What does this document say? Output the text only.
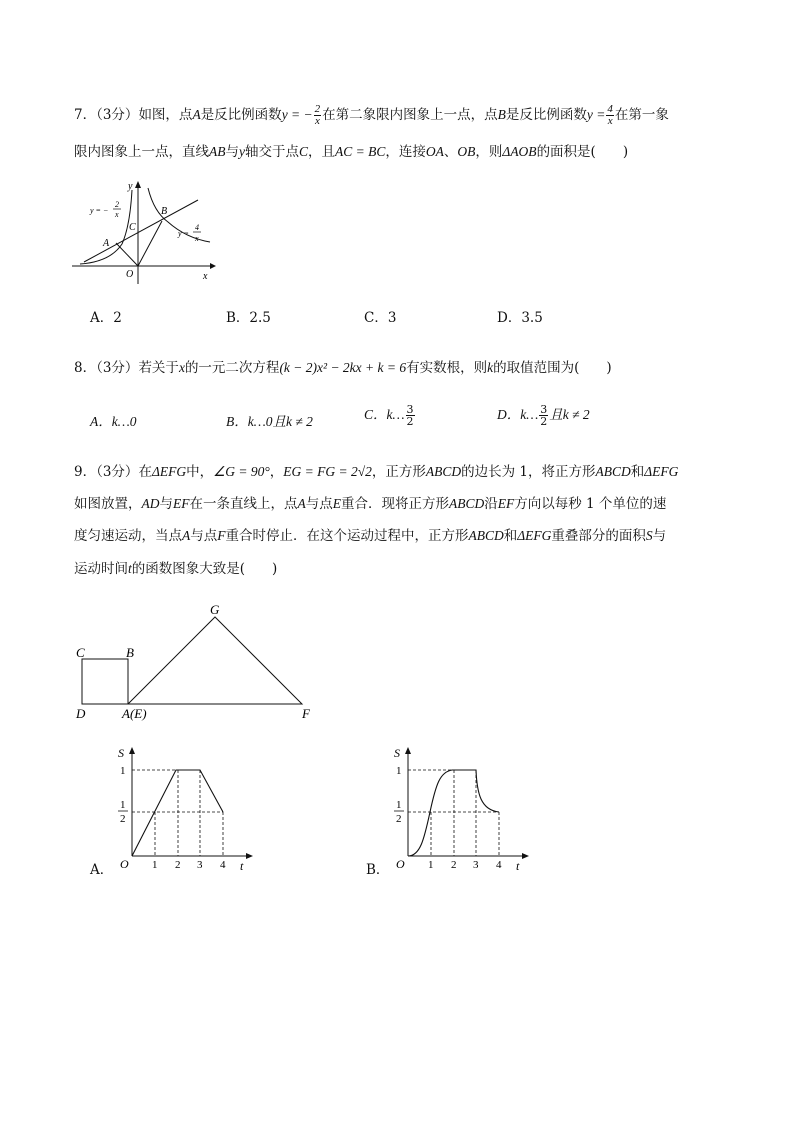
7．（3分）如图，点A是反比例函数y = − $\frac{2}{x}$ 在第二象限内图象上一点，点B是反比例函数$y = \frac{4}{x}$ 在第一象
限内图象上一点，直线AB与y轴交于点C，且AC = BC，连接OA、OB，则ΔAOB的面积是(　　)
y
x
O
A
B
C
y = −
2
x
y =
4
x
A．2	B．2.5	C．3	D．3.5
8．（3分）若关于x的一元二次方程(k − 2)x² − 2kx + k = 6有实数根，则k的取值范围为(　　)
A．k…0	B．k…0且k ≠ 2	C．k… $\frac{3}{2}$	D．k… $\frac{3}{2}$ 且k ≠ 2
9．（3分）在ΔEFG中，∠G = 90°，EG = FG = 2√2，正方形ABCD的边长为 1，将正方形ABCD和ΔEFG
如图放置，AD与EF在一条直线上，点A与点E重合．现将正方形ABCD沿EF方向以每秒 1 个单位的速
度匀速运动，当点A与点F重合时停止．在这个运动过程中，正方形ABCD和ΔEFG重叠部分的面积S与
运动时间t的函数图象大致是(　　)
C	B
D	A(E)
G
F
S
1
1
2
O 1 2 3 4 t
A．
S
1
1
2
O 1 2 3 4 t
B．
